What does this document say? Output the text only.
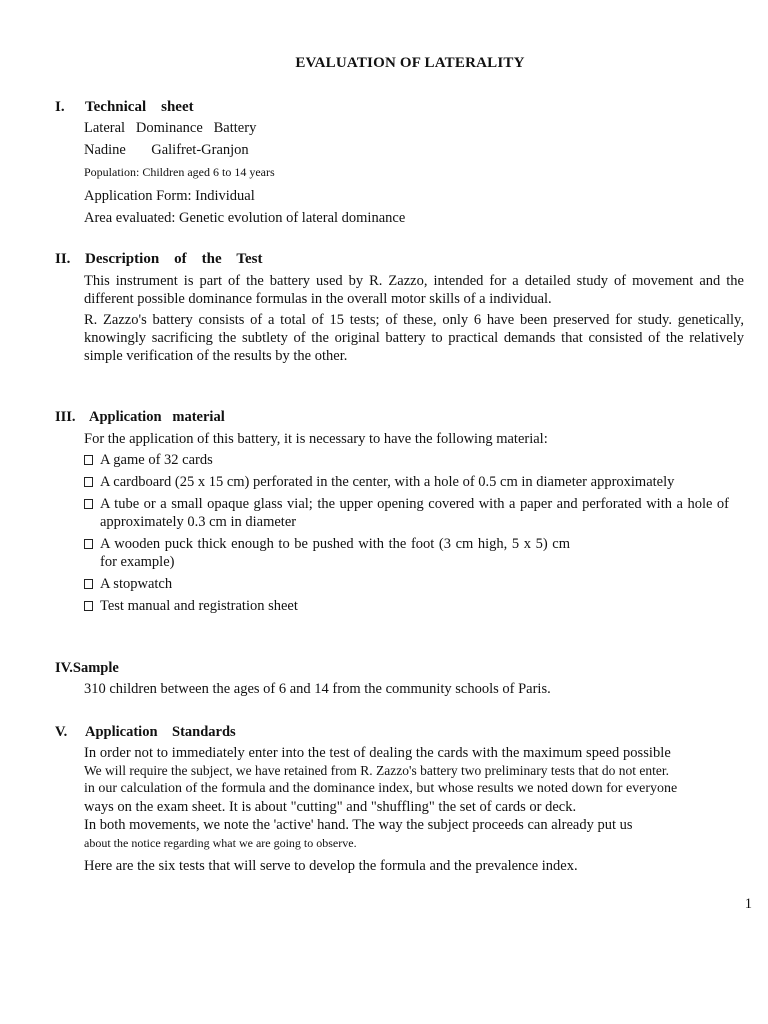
EVALUATION OF LATERALITY
I. Technical    sheet
Lateral   Dominance   Battery
Nadine       Galifret-Granjon
Population: Children aged 6 to 14 years
Application Form: Individual
Area evaluated: Genetic evolution of lateral dominance
II. Description    of    the    Test
This instrument is part of the battery used by R. Zazzo, intended for a detailed study of movement and the different possible dominance formulas in the overall motor skills of a individual.
R. Zazzo's battery consists of a total of 15 tests; of these, only 6 have been preserved for study. genetically, knowingly sacrificing the subtlety of the original battery to practical demands that consisted of the relatively simple verification of the results by the other.
III. Application   material
For the application of this battery, it is necessary to have the following material:
A game of 32 cards
A cardboard (25 x 15 cm) perforated in the center, with a hole of 0.5 cm in diameter approximately
A tube or a small opaque glass vial; the upper opening covered with a paper and perforated with a hole of approximately 0.3 cm in diameter
A wooden puck thick enough to be pushed with the foot (3 cm high, 5 x 5) cm for example)
A stopwatch
Test manual and registration sheet
IV.Sample
310 children between the ages of 6 and 14 from the community schools of Paris.
V. Application    Standards
In order not to immediately enter into the test of dealing the cards with the maximum speed possible
We will require the subject, we have retained from R. Zazzo's battery two preliminary tests that do not enter.
in our calculation of the formula and the dominance index, but whose results we noted down for everyone
ways on the exam sheet. It is about "cutting" and "shuffling" the set of cards or deck.
In both movements, we note the 'active' hand. The way the subject proceeds can already put us
about the notice regarding what we are going to observe.
Here are the six tests that will serve to develop the formula and the prevalence index.
1
